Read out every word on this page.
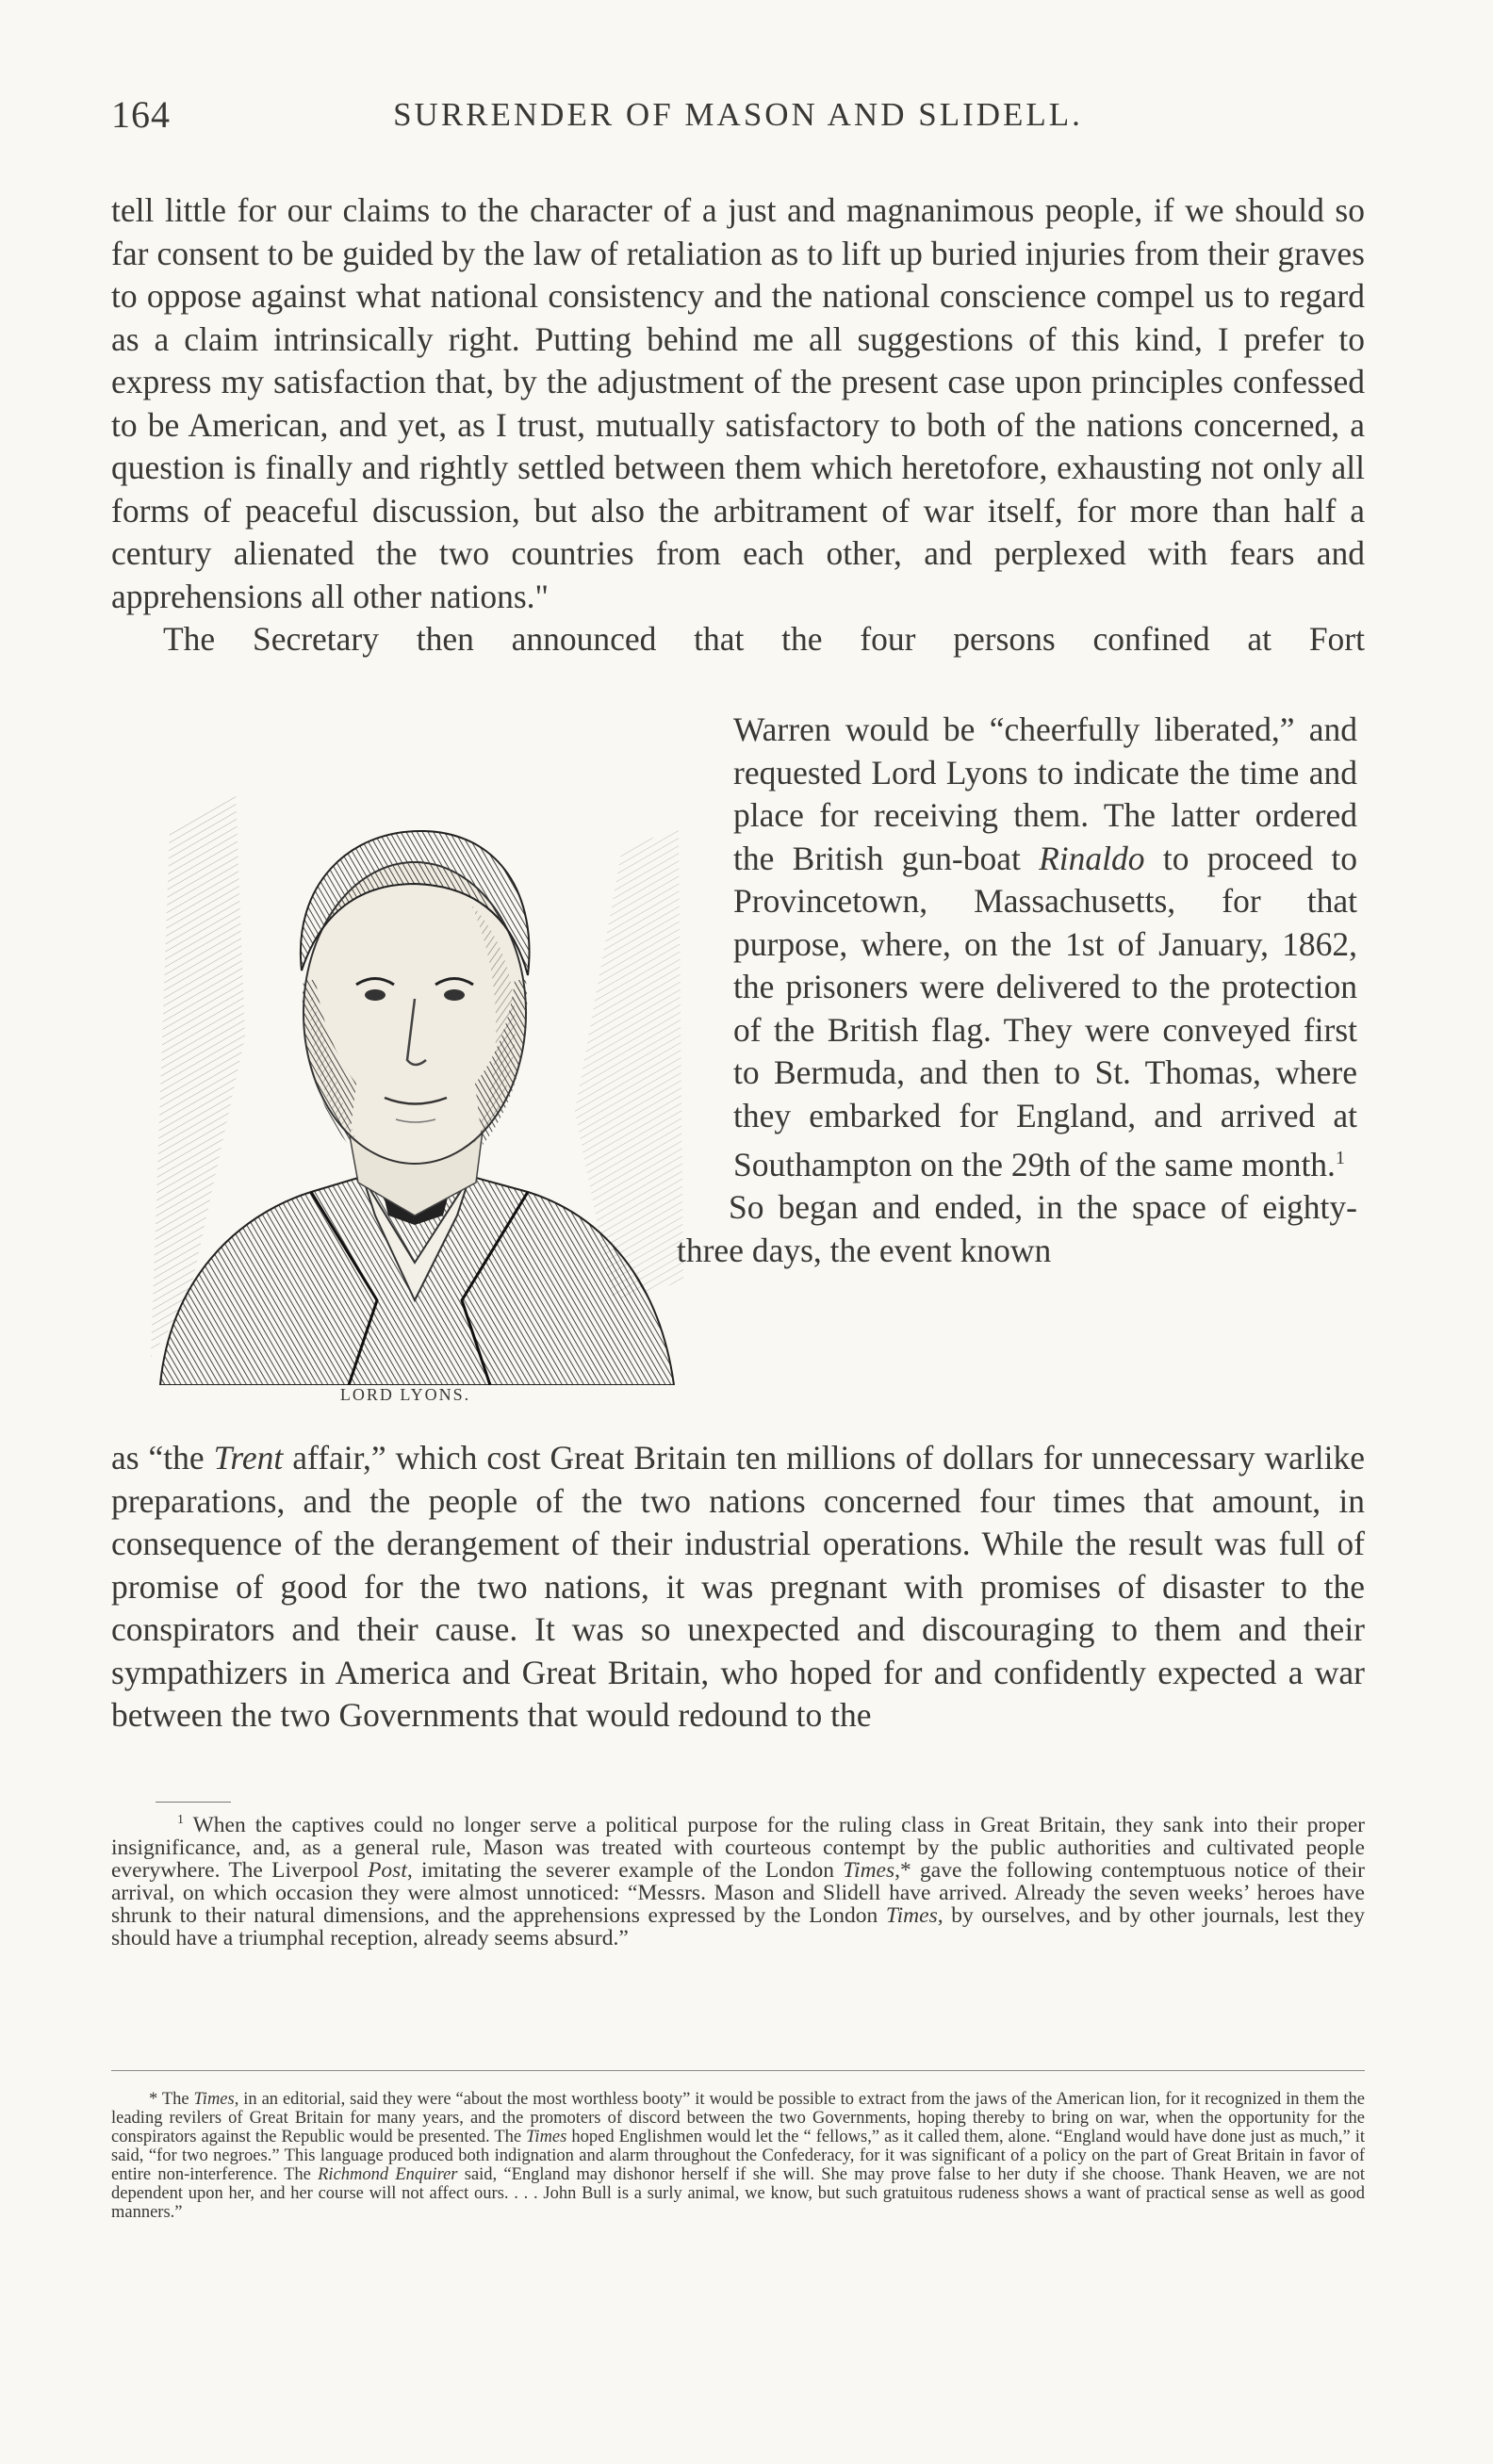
164	SURRENDER OF MASON AND SLIDELL.

tell little for our claims to the character of a just and magnanimous people, if we should so far consent to be guided by the law of retaliation as to lift up buried injuries from their graves to oppose against what national consistency and the national conscience compel us to regard as a claim intrinsically right. Putting behind me all suggestions of this kind, I prefer to express my satisfaction that, by the adjustment of the present case upon principles confessed to be American, and yet, as I trust, mutually satisfactory to both of the nations concerned, a question is finally and rightly settled between them which heretofore, exhausting not only all forms of peaceful discussion, but also the arbitrament of war itself, for more than half a century alienated the two countries from each other, and perplexed with fears and apprehensions all other nations."

The Secretary then announced that the four persons confined at Fort

LORD LYONS.

Warren would be “cheerfully liberated,” and requested Lord Lyons to indicate the time and place for receiving them. The latter ordered the British gun-boat Rinaldo to proceed to Provincetown, Massachusetts, for that purpose, where, on the 1st of January, 1862, the prisoners were delivered to the protection of the British flag. They were conveyed first to Bermuda, and then to St. Thomas, where they embarked for England, and arrived at Southampton on the 29th of the same month.$^1$

So began and ended, in the space of eighty-three days, the event known

as “the Trent affair,” which cost Great Britain ten millions of dollars for unnecessary warlike preparations, and the people of the two nations concerned four times that amount, in consequence of the derangement of their industrial operations. While the result was full of promise of good for the two nations, it was pregnant with promises of disaster to the conspirators and their cause. It was so unexpected and discouraging to them and their sympathizers in America and Great Britain, who hoped for and confidently expected a war between the two Governments that would redound to the

$^1$ When the captives could no longer serve a political purpose for the ruling class in Great Britain, they sank into their proper insignificance, and, as a general rule, Mason was treated with courteous contempt by the public authorities and cultivated people everywhere. The Liverpool Post, imitating the severer example of the London Times,* gave the following contemptuous notice of their arrival, on which occasion they were almost unnoticed: “Messrs. Mason and Slidell have arrived. Already the seven weeks’ heroes have shrunk to their natural dimensions, and the apprehensions expressed by the London Times, by ourselves, and by other journals, lest they should have a triumphal reception, already seems absurd.”
* The Times, in an editorial, said they were “about the most worthless booty” it would be possible to extract from the jaws of the American lion, for it recognized in them the leading revilers of Great Britain for many years, and the promoters of discord between the two Governments, hoping thereby to bring on war, when the opportunity for the conspirators against the Republic would be presented. The Times hoped Englishmen would let the “ fellows,” as it called them, alone. “England would have done just as much,” it said, “for two negroes.” This language produced both indignation and alarm throughout the Confederacy, for it was significant of a policy on the part of Great Britain in favor of entire non-interference. The Richmond Enquirer said, “England may dishonor herself if she will. She may prove false to her duty if she choose. Thank Heaven, we are not dependent upon her, and her course will not affect ours. . . . John Bull is a surly animal, we know, but such gratuitous rudeness shows a want of practical sense as well as good manners.”
